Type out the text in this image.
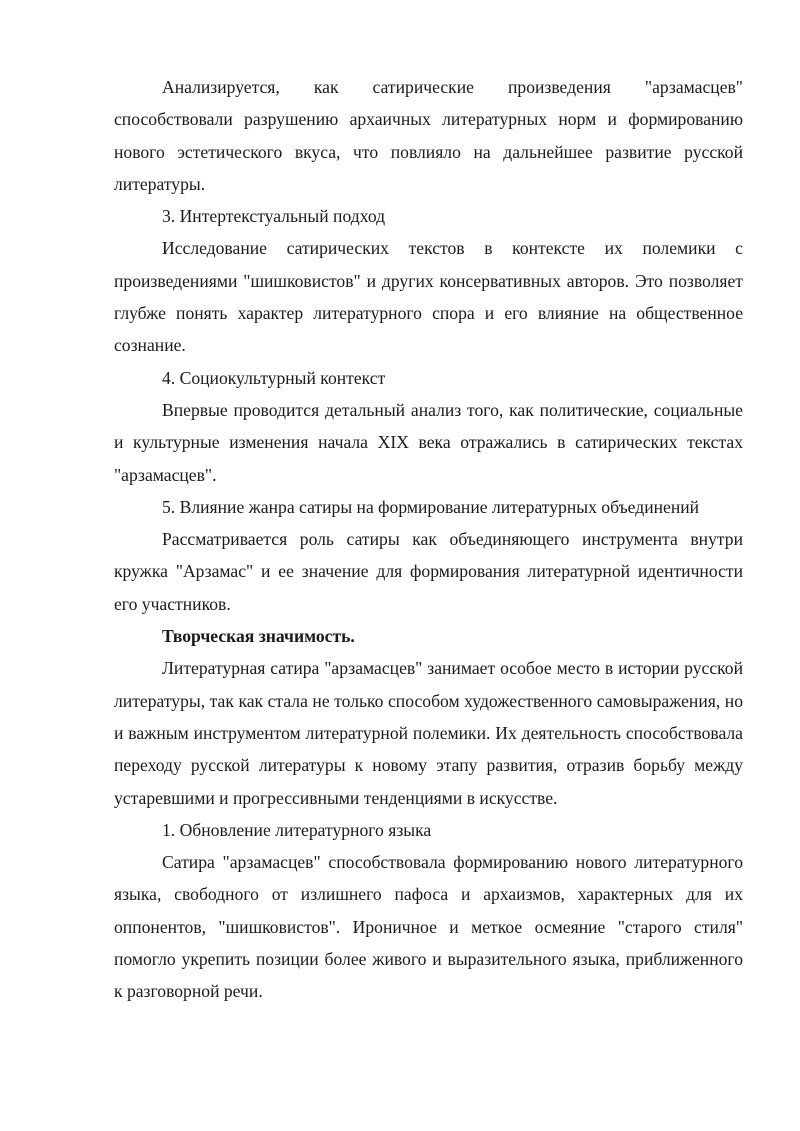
Анализируется, как сатирические произведения "арзамасцев" способствовали разрушению архаичных литературных норм и формированию нового эстетического вкуса, что повлияло на дальнейшее развитие русской литературы.

3. Интертекстуальный подход

Исследование сатирических текстов в контексте их полемики с произведениями "шишковистов" и других консервативных авторов. Это позволяет глубже понять характер литературного спора и его влияние на общественное сознание.

4. Социокультурный контекст

Впервые проводится детальный анализ того, как политические, социальные и культурные изменения начала XIX века отражались в сатирических текстах "арзамасцев".

5. Влияние жанра сатиры на формирование литературных объединений

Рассматривается роль сатиры как объединяющего инструмента внутри кружка "Арзамас" и ее значение для формирования литературной идентичности его участников.

Творческая значимость.

Литературная сатира "арзамасцев" занимает особое место в истории русской литературы, так как стала не только способом художественного самовыражения, но и важным инструментом литературной полемики. Их деятельность способствовала переходу русской литературы к новому этапу развития, отразив борьбу между устаревшими и прогрессивными тенденциями в искусстве.

1. Обновление литературного языка

Сатира "арзамасцев" способствовала формированию нового литературного языка, свободного от излишнего пафоса и архаизмов, характерных для их оппонентов, "шишковистов". Ироничное и меткое осмеяние "старого стиля" помогло укрепить позиции более живого и выразительного языка, приближенного к разговорной речи.
